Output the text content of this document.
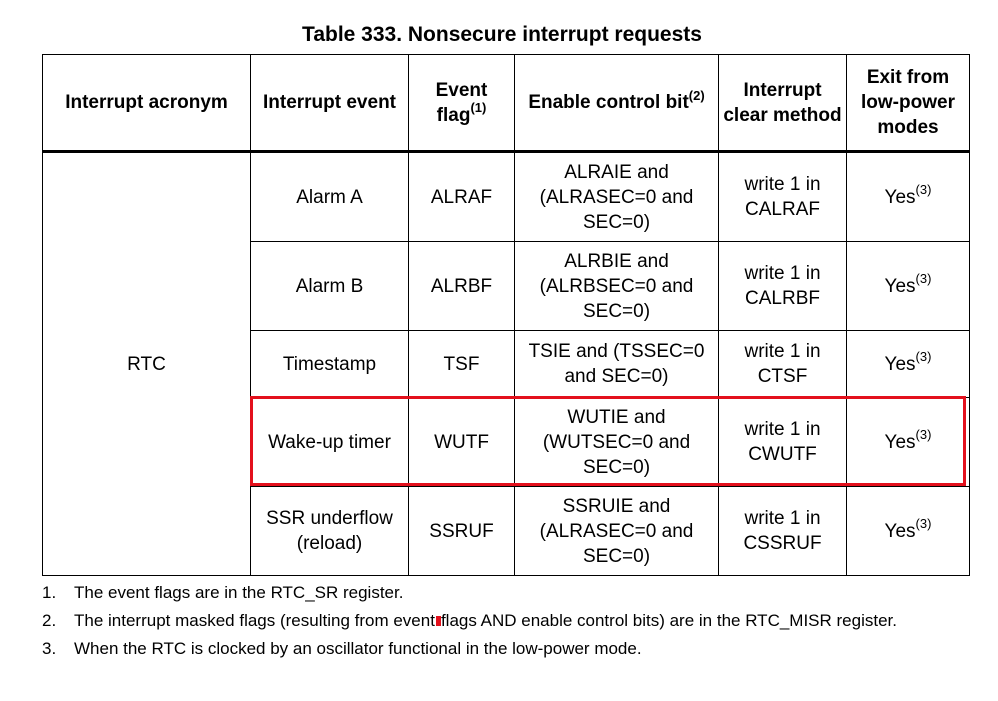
Table 333. Nonsecure interrupt requests
Interrupt acronym	Interrupt event	Event flag$^{(1)}$	Enable control bit$^{(2)}$	Interrupt clear method	Exit from low-power modes
RTC	Alarm A	ALRAF	ALRAIE and (ALRASEC=0 and SEC=0)	write 1 in CALRAF	Yes$^{(3)}$
	Alarm B	ALRBF	ALRBIE and (ALRBSEC=0 and SEC=0)	write 1 in CALRBF	Yes$^{(3)}$
	Timestamp	TSF	TSIE and (TSSEC=0 and SEC=0)	write 1 in CTSF	Yes$^{(3)}$
	Wake-up timer	WUTF	WUTIE and (WUTSEC=0 and SEC=0)	write 1 in CWUTF	Yes$^{(3)}$
	SSR underflow (reload)	SSRUF	SSRUIE and (ALRASEC=0 and SEC=0)	write 1 in CSSRUF	Yes$^{(3)}$
1.	The event flags are in the RTC_SR register.
2.	The interrupt masked flags (resulting from event flags AND enable control bits) are in the RTC_MISR register.
3.	When the RTC is clocked by an oscillator functional in the low-power mode.
